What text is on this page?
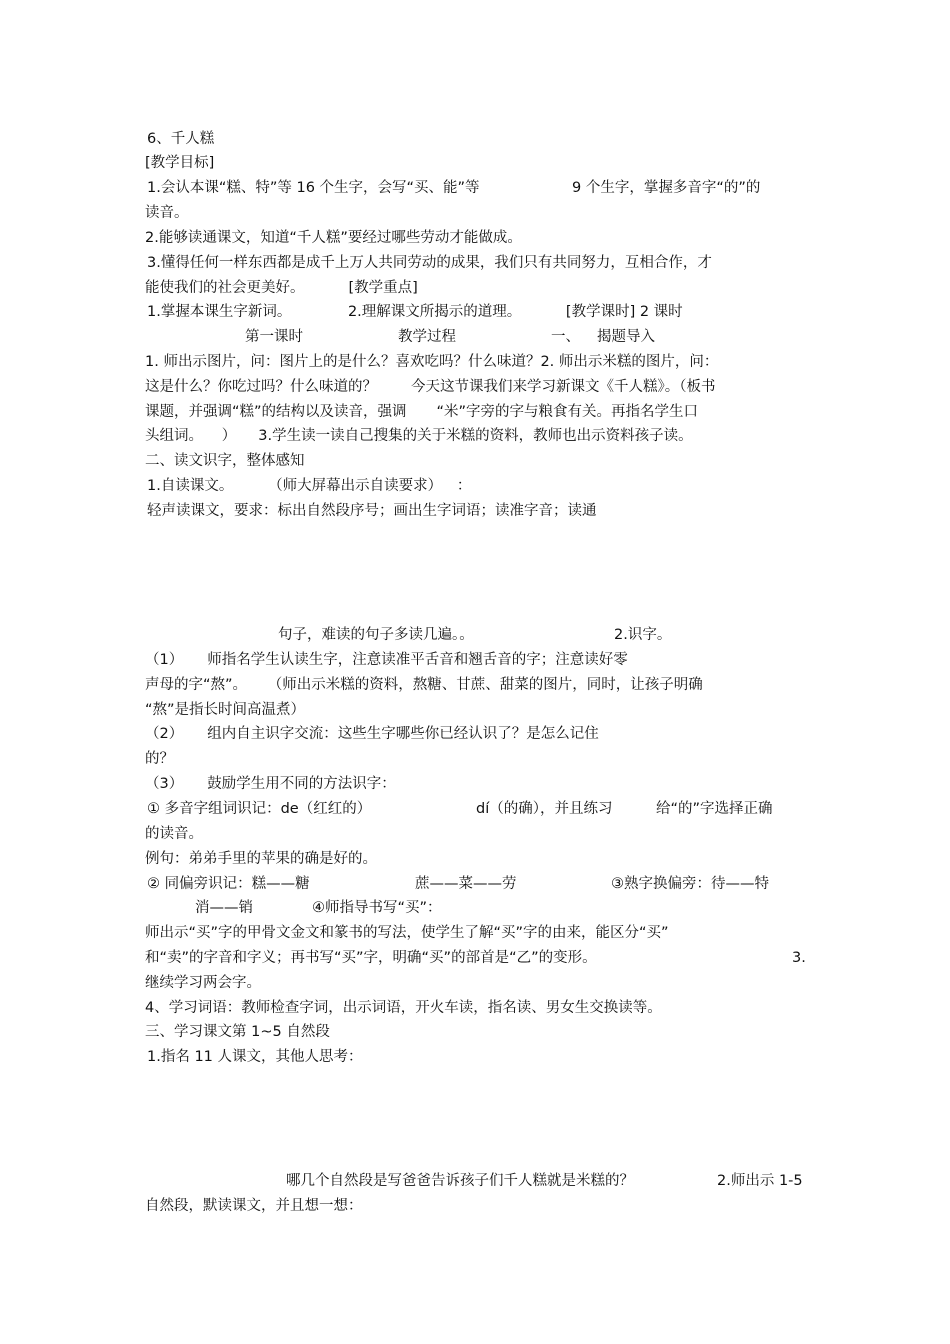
6、千人糕
[教学目标]
1.会认本课“糕、特”等 16 个生字，会写“买、能”等	9 个生字，掌握多音字“的”的
读音。
2.能够读通课文，知道“千人糕”要经过哪些劳动才能做成。
3.懂得任何一样东西都是成千上万人共同劳动的成果，我们只有共同努力，互相合作，才
能使我们的社会更美好。	[教学重点]
1.掌握本课生字新词。	2.理解课文所揭示的道理。	[教学课时] 2 课时
第一课时	教学过程	一、 揭题导入
1. 师出示图片，问：图片上的是什么？喜欢吃吗？什么味道？2. 师出示米糕的图片，问：
这是什么？你吃过吗？什么味道的？ 今天这节课我们来学习新课文《千人糕》。（板书
课题，并强调“糕”的结构以及读音，强调 “米”字旁的字与粮食有关。再指名学生口
头组词。 ） 3.学生读一读自己搜集的关于米糕的资料，教师也出示资料孩子读。
二、读文识字，整体感知
1.自读课文。	（师大屏幕出示自读要求） ：
轻声读课文，要求：标出自然段序号；画出生字词语；读准字音；读通
句子，难读的句子多读几遍。。	2.识字。
（1） 师指名学生认读生字，注意读准平舌音和翘舌音的字；注意读好零
声母的字“熬”。 （师出示米糕的资料，熬糖、甘蔗、甜菜的图片，同时，让孩子明确
“熬”是指长时间高温煮）
（2） 组内自主识字交流：这些生字哪些你已经认识了？是怎么记住
的？
（3） 鼓励学生用不同的方法识字：
① 多音字组词识记：de（红红的）	dí（的确），并且练习	给“的”字选择正确
的读音。
例句：弟弟手里的苹果的确是好的。
② 同偏旁识记：糕——糖	蔗——菜——劳	③熟字换偏旁：待——特
消——销	④师指导书写“买”：
师出示“买”字的甲骨文金文和篆书的写法，使学生了解“买”字的由来，能区分“买”
和“卖”的字音和字义；再书写“买”字，明确“买”的部首是“乙”的变形。	3.
继续学习两会字。
4、学习词语：教师检查字词，出示词语，开火车读，指名读、男女生交换读等。
三、学习课文第 1~5 自然段
1.指名 11 人课文，其他人思考：
哪几个自然段是写爸爸告诉孩子们千人糕就是米糕的？	2.师出示 1-5
自然段，默读课文，并且想一想：
